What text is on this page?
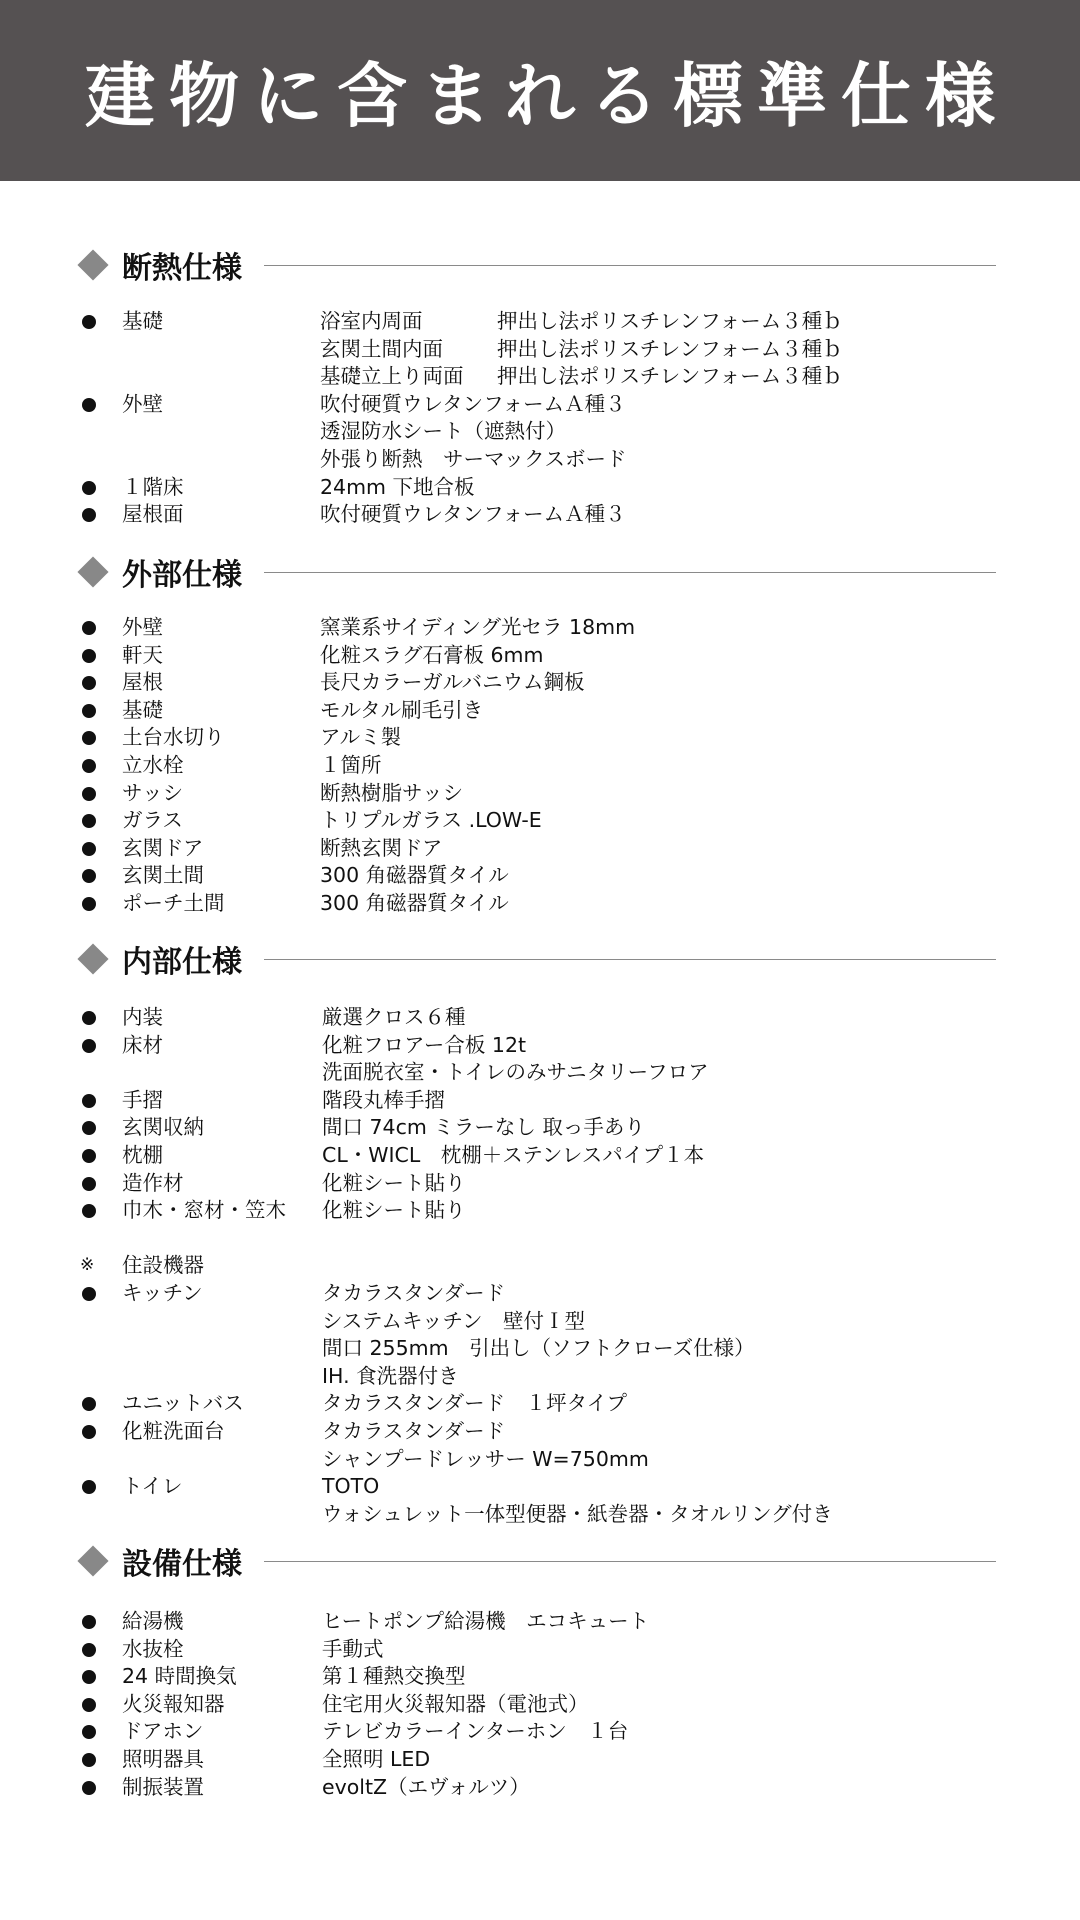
建物に含まれる標準仕様
断熱仕様
基礎	浴室内周面	押出し法ポリスチレンフォーム３種ｂ
玄関土間内面	押出し法ポリスチレンフォーム３種ｂ
基礎立上り両面 押出し法ポリスチレンフォーム３種ｂ
外壁	吹付硬質ウレタンフォームＡ種３
透湿防水シート（遮熱付）
外張り断熱　サーマックスボード
１階床	24mm 下地合板
屋根面	吹付硬質ウレタンフォームＡ種３
外部仕様
外壁	窯業系サイディング光セラ 18mm
軒天	化粧スラグ石膏板 6mm
屋根	長尺カラーガルバニウム鋼板
基礎	モルタル刷毛引き
土台水切り	アルミ製
立水栓	１箇所
サッシ	断熱樹脂サッシ
ガラス	トリプルガラス .LOW-E
玄関ドア	断熱玄関ドア
玄関土間	300 角磁器質タイル
ポーチ土間	300 角磁器質タイル
内部仕様
内装	厳選クロス６種
床材	化粧フロアー合板 12t
洗面脱衣室・トイレのみサニタリーフロア
手摺	階段丸棒手摺
玄関収納	間口 74cm ミラーなし 取っ手あり
枕棚	CL・WICL　枕棚＋ステンレスパイプ１本
造作材	化粧シート貼り
巾木・窓材・笠木 化粧シート貼り
※ 住設機器
キッチン	タカラスタンダード
システムキッチン　壁付Ｉ型
間口 255mm　引出し（ソフトクローズ仕様）
IH. 食洗器付き
ユニットバス	タカラスタンダード　１坪タイプ
化粧洗面台	タカラスタンダード
シャンプードレッサー W=750mm
トイレ	TOTO
ウォシュレット一体型便器・紙巻器・タオルリング付き
設備仕様
給湯機	ヒートポンプ給湯機　エコキュート
水抜栓	手動式
24 時間換気	第１種熱交換型
火災報知器	住宅用火災報知器（電池式）
ドアホン	テレビカラーインターホン　１台
照明器具	全照明 LED
制振装置	evoltZ（エヴォルツ）
